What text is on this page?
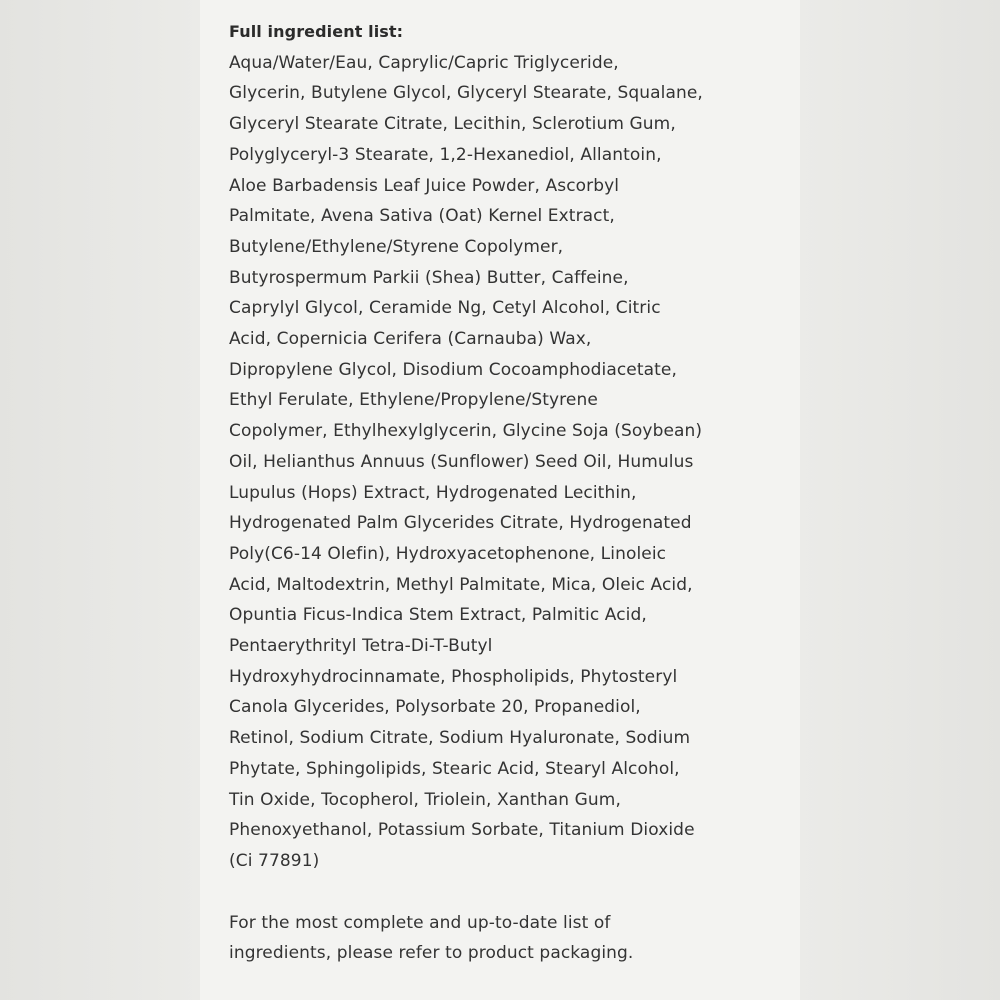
Full ingredient list:

Aqua/Water/Eau, Caprylic/Capric Triglyceride,

Glycerin, Butylene Glycol, Glyceryl Stearate, Squalane,

Glyceryl Stearate Citrate, Lecithin, Sclerotium Gum,

Polyglyceryl-3 Stearate, 1,2-Hexanediol, Allantoin,

Aloe Barbadensis Leaf Juice Powder, Ascorbyl

Palmitate, Avena Sativa (Oat) Kernel Extract,

Butylene/Ethylene/Styrene Copolymer,

Butyrospermum Parkii (Shea) Butter, Caffeine,

Caprylyl Glycol, Ceramide Ng, Cetyl Alcohol, Citric

Acid, Copernicia Cerifera (Carnauba) Wax,

Dipropylene Glycol, Disodium Cocoamphodiacetate,

Ethyl Ferulate, Ethylene/Propylene/Styrene

Copolymer, Ethylhexylglycerin, Glycine Soja (Soybean)

Oil, Helianthus Annuus (Sunflower) Seed Oil, Humulus

Lupulus (Hops) Extract, Hydrogenated Lecithin,

Hydrogenated Palm Glycerides Citrate, Hydrogenated

Poly(C6-14 Olefin), Hydroxyacetophenone, Linoleic

Acid, Maltodextrin, Methyl Palmitate, Mica, Oleic Acid,

Opuntia Ficus-Indica Stem Extract, Palmitic Acid,

Pentaerythrityl Tetra-Di-T-Butyl

Hydroxyhydrocinnamate, Phospholipids, Phytosteryl

Canola Glycerides, Polysorbate 20, Propanediol,

Retinol, Sodium Citrate, Sodium Hyaluronate, Sodium

Phytate, Sphingolipids, Stearic Acid, Stearyl Alcohol,

Tin Oxide, Tocopherol, Triolein, Xanthan Gum,

Phenoxyethanol, Potassium Sorbate, Titanium Dioxide

(Ci 77891)

For the most complete and up-to-date list of

ingredients, please refer to product packaging.
